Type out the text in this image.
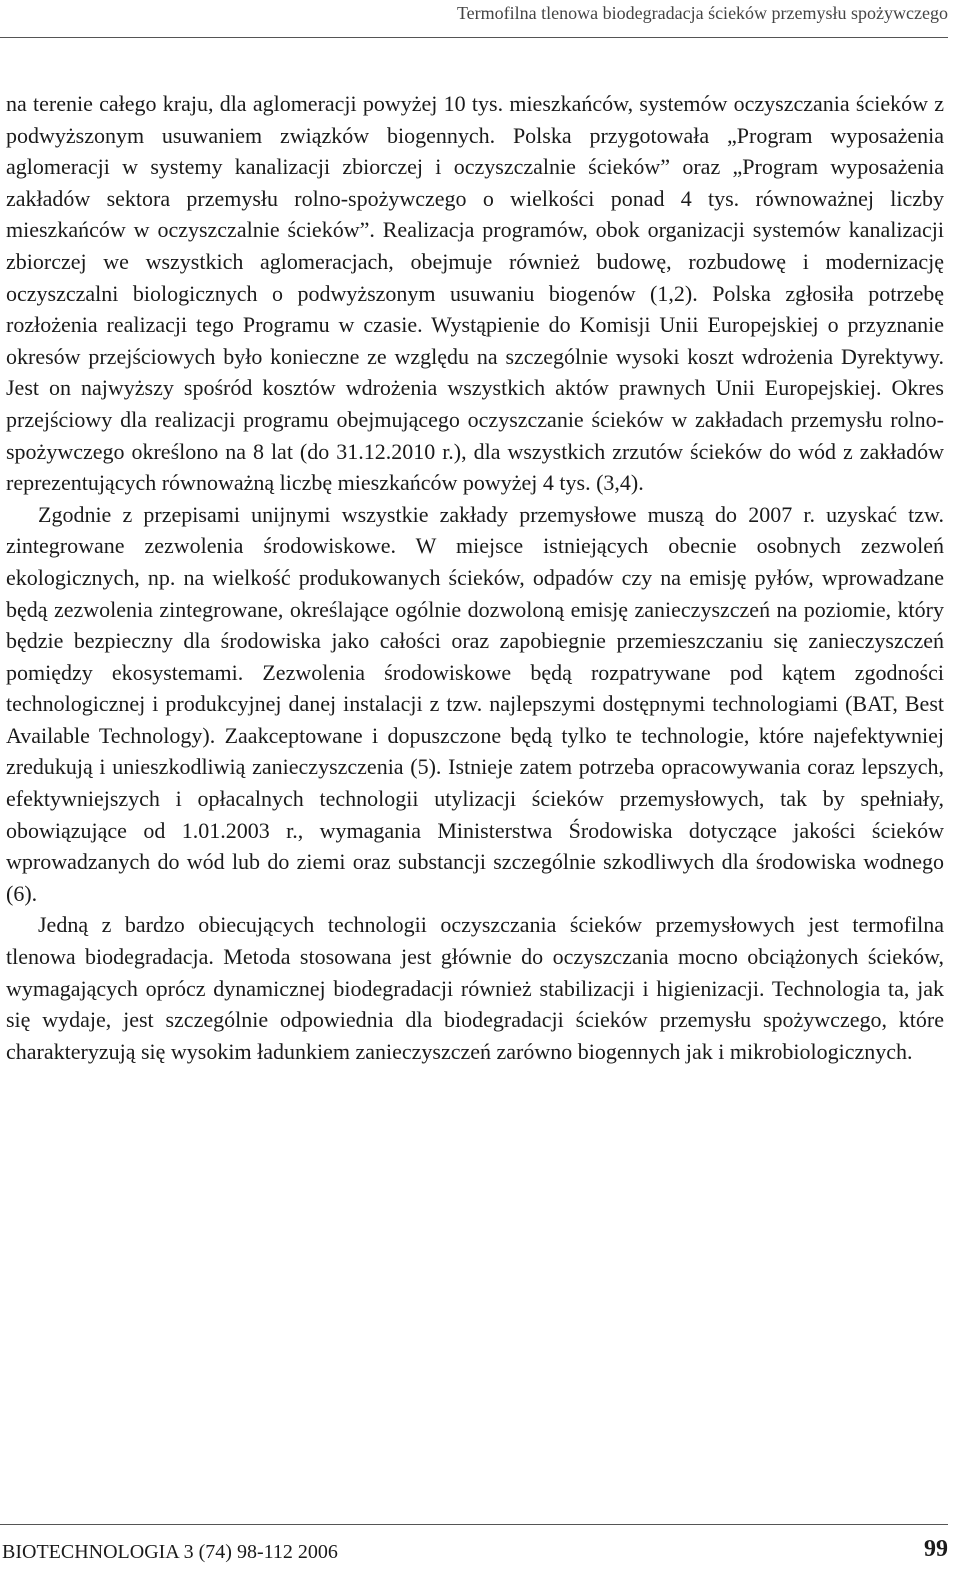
Termofilna tlenowa biodegradacja ścieków przemysłu spożywczego

na terenie całego kraju, dla aglomeracji powyżej 10 tys. mieszkańców, systemów oczyszczania ścieków z podwyższonym usuwaniem związków biogennych. Polska przygotowała „Program wyposażenia aglomeracji w systemy kanalizacji zbiorczej i oczyszczalnie ścieków” oraz „Program wyposażenia zakładów sektora przemysłu rolno-spożywczego o wielkości ponad 4 tys. równoważnej liczby mieszkańców w oczyszczalnie ścieków”. Realizacja programów, obok organizacji systemów kanalizacji zbiorczej we wszystkich aglomeracjach, obejmuje również budowę, rozbudowę i modernizację oczyszczalni biologicznych o podwyższonym usuwaniu biogenów (1,2). Polska zgłosiła potrzebę rozłożenia realizacji tego Programu w czasie. Wystąpienie do Komisji Unii Europejskiej o przyznanie okresów przejściowych było konieczne ze względu na szczególnie wysoki koszt wdrożenia Dyrektywy. Jest on najwyższy spośród kosztów wdrożenia wszystkich aktów prawnych Unii Europejskiej. Okres przejściowy dla realizacji programu obejmującego oczyszczanie ścieków w zakładach przemysłu rolno-spożywczego określono na 8 lat (do 31.12.2010 r.), dla wszystkich zrzutów ścieków do wód z zakładów reprezentujących równoważną liczbę mieszkańców powyżej 4 tys. (3,4).

Zgodnie z przepisami unijnymi wszystkie zakłady przemysłowe muszą do 2007 r. uzyskać tzw. zintegrowane zezwolenia środowiskowe. W miejsce istniejących obecnie osobnych zezwoleń ekologicznych, np. na wielkość produkowanych ścieków, odpadów czy na emisję pyłów, wprowadzane będą zezwolenia zintegrowane, określające ogólnie dozwoloną emisję zanieczyszczeń na poziomie, który będzie bezpieczny dla środowiska jako całości oraz zapobiegnie przemieszczaniu się zanieczyszczeń pomiędzy ekosystemami. Zezwolenia środowiskowe będą rozpatrywane pod kątem zgodności technologicznej i produkcyjnej danej instalacji z tzw. najlepszymi dostępnymi technologiami (BAT, Best Available Technology). Zaakceptowane i dopuszczone będą tylko te technologie, które najefektywniej zredukują i unieszkodliwią zanieczyszczenia (5). Istnieje zatem potrzeba opracowywania coraz lepszych, efektywniejszych i opłacalnych technologii utylizacji ścieków przemysłowych, tak by spełniały, obowiązujące od 1.01.2003 r., wymagania Ministerstwa Środowiska dotyczące jakości ścieków wprowadzanych do wód lub do ziemi oraz substancji szczególnie szkodliwych dla środowiska wodnego (6).

Jedną z bardzo obiecujących technologii oczyszczania ścieków przemysłowych jest termofilna tlenowa biodegradacja. Metoda stosowana jest głównie do oczyszczania mocno obciążonych ścieków, wymagających oprócz dynamicznej biodegradacji również stabilizacji i higienizacji. Technologia ta, jak się wydaje, jest szczególnie odpowiednia dla biodegradacji ścieków przemysłu spożywczego, które charakteryzują się wysokim ładunkiem zanieczyszczeń zarówno biogennych jak i mikrobiologicznych.

BIOTECHNOLOGIA 3 (74) 98-112 2006	99
